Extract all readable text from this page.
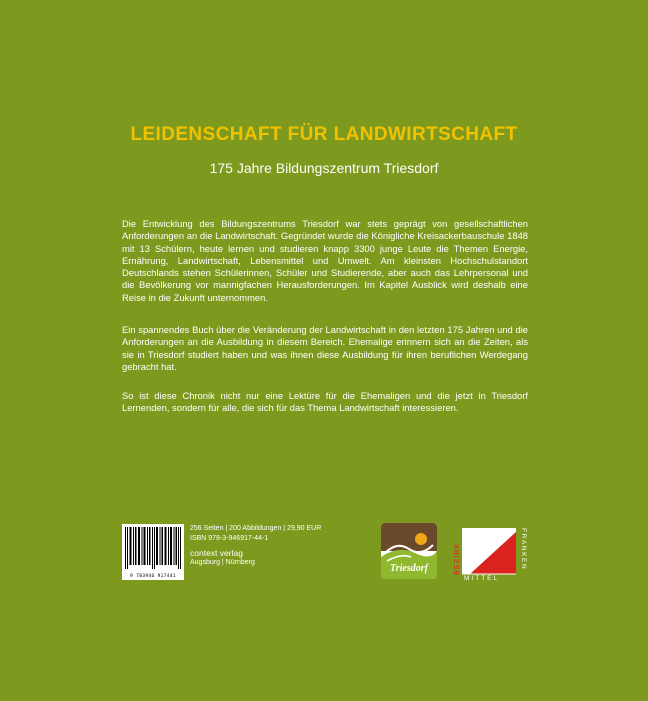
LEIDENSCHAFT FÜR LANDWIRTSCHAFT
175 Jahre Bildungszentrum Triesdorf

Die Entwicklung des Bildungszentrums Triesdorf war stets geprägt von gesellschaftlichen Anforderungen an die Landwirtschaft. Gegründet wurde die Königliche Kreisackerbauschule 1848 mit 13 Schülern, heute lernen und studieren knapp 3300 junge Leute die Themen Energie, Ernährung, Landwirtschaft, Lebensmittel und Umwelt. Am kleinsten Hochschulstandort Deutschlands stehen Schülerinnen, Schüler und Studierende, aber auch das Lehrpersonal und die Bevölkerung vor mannigfachen Herausforderungen. Im Kapitel Ausblick wird deshalb eine Reise in die Zukunft unternommen.

Ein spannendes Buch über die Veränderung der Landwirtschaft in den letzten 175 Jahren und die Anforderungen an die Ausbildung in diesem Bereich. Ehemalige erinnern sich an die Zeiten, als sie in Triesdorf studiert haben und was ihnen diese Ausbildung für ihren beruflichen Werdegang gebracht hat.

So ist diese Chronik nicht nur eine Lektüre für die Ehemaligen und die jetzt in Triesdorf Lernenden, sondern für alle, die sich für das Thema Landwirtschaft interessieren.

9 783946 917441
256 Seiten | 200 Abbildungen | 29,90 EUR
ISBN 978-3-946917-44-1
context verlag
Augsburg | Nürnberg
Triesdorf	BEZIRK
MITTEL
FRANKEN
